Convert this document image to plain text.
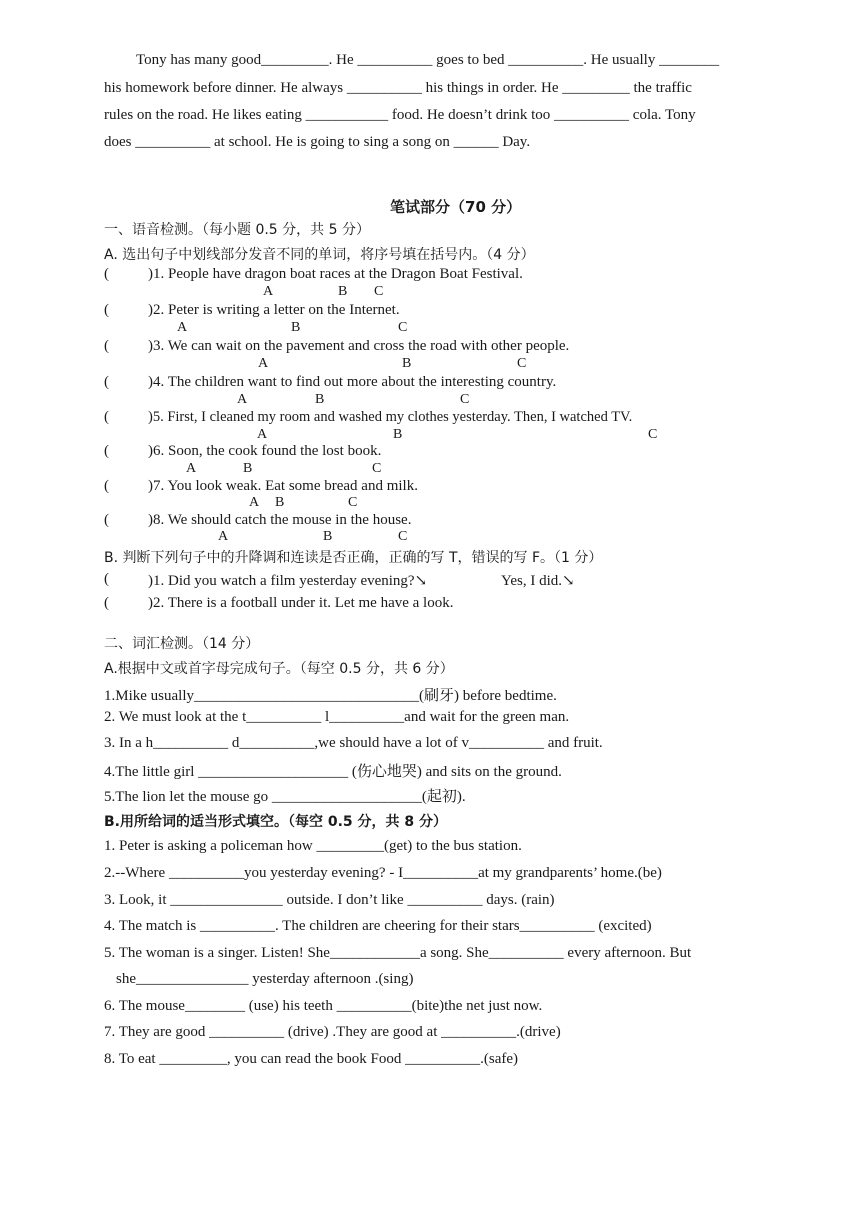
Tony has many good_________. He __________ goes to bed __________. He usually ________
his homework before dinner. He always __________ his things in order. He _________ the traffic
rules on the road. He likes eating ___________ food. He doesn’t drink too __________ cola. Tony
does __________ at school. He is going to sing a song on ______ Day.
笔试部分（70 分）
一、语音检测。（每小题 0.5 分，共 5 分）
A. 选出句子中划线部分发音不同的单词，将序号填在括号内。（4 分）
(	)1. People have dragon boat races at the Dragon Boat Festival.
A	B C
(	)2. Peter is writing a letter on the Internet.
A	B	C
(	)3. We can wait on the pavement and cross the road with other people.
A	B	C
(	)4. The children want to find out more about the interesting country.
A	B	C
(	)5. First, I cleaned my room and washed my clothes yesterday. Then, I watched TV.
A	B	C
(	)6. Soon, the cook found the lost book.
A	B	C
(	)7. You look weak. Eat some bread and milk.
A B	C
(	)8. We should catch the mouse in the house.
A	B	C
B. 判断下列句子中的升降调和连读是否正确，正确的写 T，错误的写 F。（1 分）
(	)1. Did you watch a film yesterday evening?↘	Yes, I did.↘
(	)2. There is a football under it. Let me have a look.
二、词汇检测。（14 分）
A.根据中文或首字母完成句子。（每空 0.5 分，共 6 分）
1.Mike usually______________________________(刷牙) before bedtime.
2. We must look at the t__________ l__________and wait for the green man.
3. In a h__________ d__________,we should have a lot of v__________ and fruit.
4.The little girl ____________________ (伤心地哭) and sits on the ground.
5.The lion let the mouse go ____________________(起初).
B.用所给词的适当形式填空。（每空 0.5 分，共 8 分）
1. Peter is asking a policeman how _________(get) to the bus station.
2.--Where __________you yesterday evening? - I__________at my grandparents’ home.(be)
3. Look, it _______________ outside. I don’t like __________ days. (rain)
4. The match is __________. The children are cheering for their stars__________ (excited)
5. The woman is a singer. Listen! She____________a song. She__________ every afternoon. But
she_______________ yesterday afternoon .(sing)
6. The mouse________ (use) his teeth __________(bite)the net just now.
7. They are good __________ (drive) .They are good at __________.(drive)
8. To eat _________, you can read the book Food __________.(safe)
